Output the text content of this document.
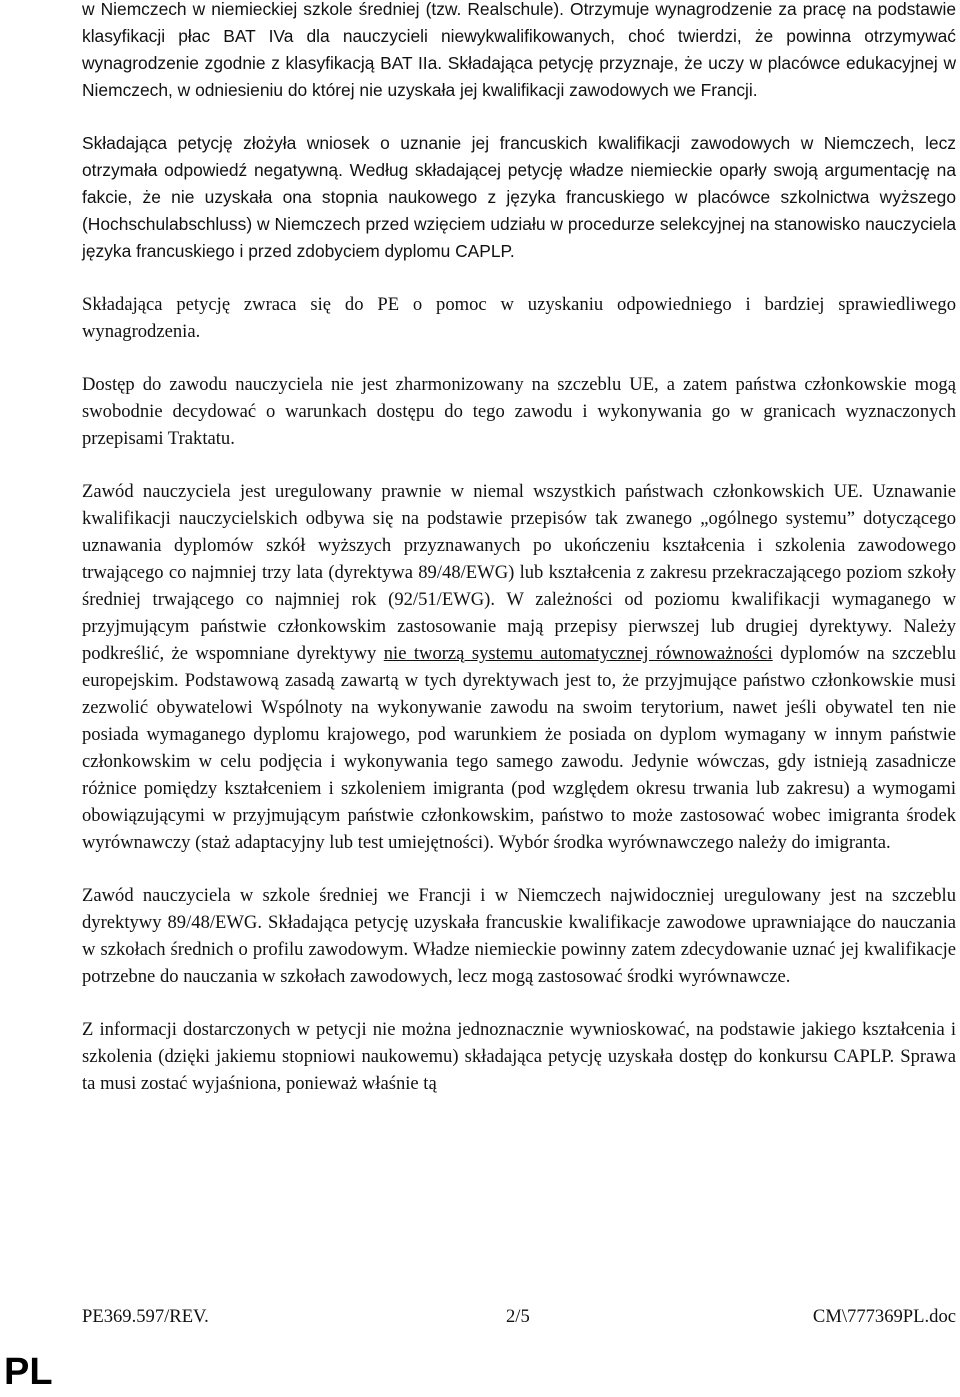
w Niemczech w niemieckiej szkole średniej (tzw. Realschule). Otrzymuje wynagrodzenie za pracę na podstawie klasyfikacji płac BAT IVa dla nauczycieli niewykwalifikowanych, choć twierdzi, że powinna otrzymywać wynagrodzenie zgodnie z klasyfikacją BAT IIa. Składająca petycję przyznaje, że uczy w placówce edukacyjnej w Niemczech, w odniesieniu do której nie uzyskała jej kwalifikacji zawodowych we Francji.

Składająca petycję złożyła wniosek o uznanie jej francuskich kwalifikacji zawodowych w Niemczech, lecz otrzymała odpowiedź negatywną. Według składającej petycję władze niemieckie oparły swoją argumentację na fakcie, że nie uzyskała ona stopnia naukowego z języka francuskiego w placówce szkolnictwa wyższego (Hochschulabschluss) w Niemczech przed wzięciem udziału w procedurze selekcyjnej na stanowisko nauczyciela języka francuskiego i przed zdobyciem dyplomu CAPLP.

Składająca petycję zwraca się do PE o pomoc w uzyskaniu odpowiedniego i bardziej sprawiedliwego wynagrodzenia.

Dostęp do zawodu nauczyciela nie jest zharmonizowany na szczeblu UE, a zatem państwa członkowskie mogą swobodnie decydować o warunkach dostępu do tego zawodu i wykonywania go w granicach wyznaczonych przepisami Traktatu.

Zawód nauczyciela jest uregulowany prawnie w niemal wszystkich państwach członkowskich UE. Uznawanie kwalifikacji nauczycielskich odbywa się na podstawie przepisów tak zwanego „ogólnego systemu” dotyczącego uznawania dyplomów szkół wyższych przyznawanych po ukończeniu kształcenia i szkolenia zawodowego trwającego co najmniej trzy lata (dyrektywa 89/48/EWG) lub kształcenia z zakresu przekraczającego poziom szkoły średniej trwającego co najmniej rok (92/51/EWG). W zależności od poziomu kwalifikacji wymaganego w przyjmującym państwie członkowskim zastosowanie mają przepisy pierwszej lub drugiej dyrektywy. Należy podkreślić, że wspomniane dyrektywy nie tworzą systemu automatycznej równoważności dyplomów na szczeblu europejskim. Podstawową zasadą zawartą w tych dyrektywach jest to, że przyjmujące państwo członkowskie musi zezwolić obywatelowi Wspólnoty na wykonywanie zawodu na swoim terytorium, nawet jeśli obywatel ten nie posiada wymaganego dyplomu krajowego, pod warunkiem że posiada on dyplom wymagany w innym państwie członkowskim w celu podjęcia i wykonywania tego samego zawodu. Jedynie wówczas, gdy istnieją zasadnicze różnice pomiędzy kształceniem i szkoleniem imigranta (pod względem okresu trwania lub zakresu) a wymogami obowiązującymi w przyjmującym państwie członkowskim, państwo to może zastosować wobec imigranta środek wyrównawczy (staż adaptacyjny lub test umiejętności). Wybór środka wyrównawczego należy do imigranta.

Zawód nauczyciela w szkole średniej we Francji i w Niemczech najwidoczniej uregulowany jest na szczeblu dyrektywy 89/48/EWG. Składająca petycję uzyskała francuskie kwalifikacje zawodowe uprawniające do nauczania w szkołach średnich o profilu zawodowym. Władze niemieckie powinny zatem zdecydowanie uznać jej kwalifikacje potrzebne do nauczania w szkołach zawodowych, lecz mogą zastosować środki wyrównawcze.

Z informacji dostarczonych w petycji nie można jednoznacznie wywnioskować, na podstawie jakiego kształcenia i szkolenia (dzięki jakiemu stopniowi naukowemu) składająca petycję uzyskała dostęp do konkursu CAPLP. Sprawa ta musi zostać wyjaśniona, ponieważ właśnie tą

PE369.597/REV.	2/5	CM\777369PL.doc
PL
